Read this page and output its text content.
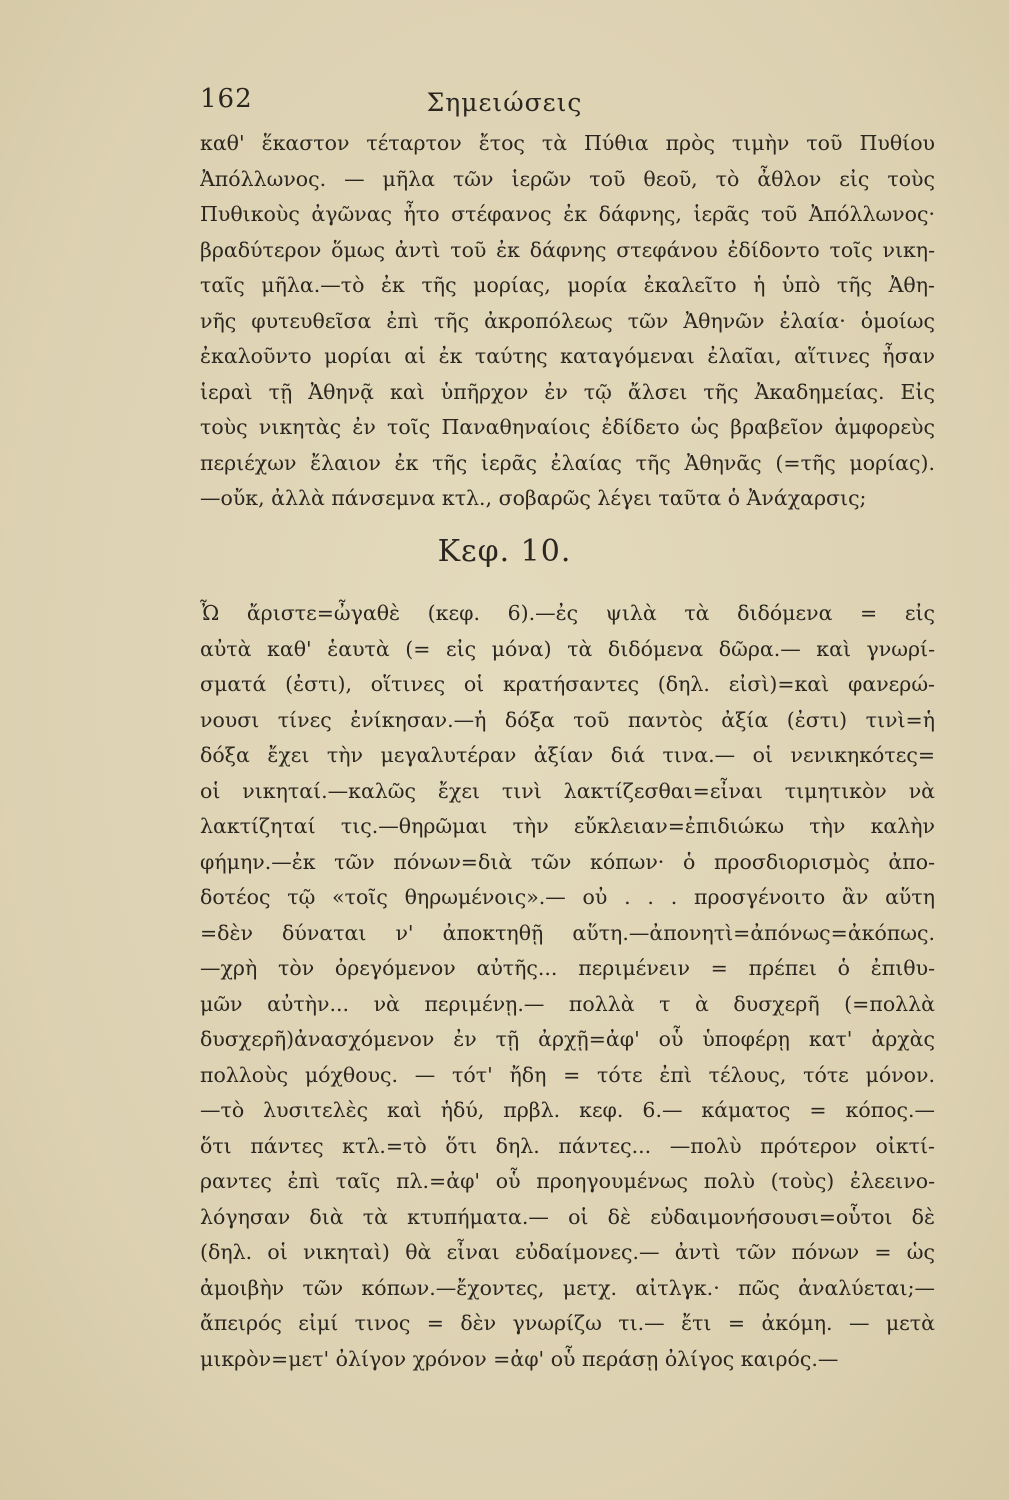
162	Σημειώσεις
καθ' ἕκαστον τέταρτον ἔτος τὰ Πύθια πρὸς τιμὴν τοῦ Πυθίου
Ἀπόλλωνος. — μῆλα τῶν ἱερῶν τοῦ θεοῦ, τὸ ἆθλον εἰς τοὺς
Πυθικοὺς ἀγῶνας ἦτο στέφανος ἐκ δάφνης, ἱερᾶς τοῦ Ἀπόλλωνος·
βραδύτερον ὅμως ἀντὶ τοῦ ἐκ δάφνης στεφάνου ἐδίδοντο τοῖς νικη-
ταῖς μῆλα.—τὸ ἐκ τῆς μορίας, μορία ἐκαλεῖτο ἡ ὑπὸ τῆς Ἀθη-
νῆς φυτευθεῖσα ἐπὶ τῆς ἀκροπόλεως τῶν Ἀθηνῶν ἐλαία· ὁμοίως
ἐκαλοῦντο μορίαι αἱ ἐκ ταύτης καταγόμεναι ἐλαῖαι, αἵτινες ἦσαν
ἱεραὶ τῇ Ἀθηνᾷ καὶ ὑπῆρχον ἐν τῷ ἄλσει τῆς Ἀκαδημείας. Εἰς
τοὺς νικητὰς ἐν τοῖς Παναθηναίοις ἐδίδετο ὡς βραβεῖον ἀμφορεὺς
περιέχων ἔλαιον ἐκ τῆς ἱερᾶς ἐλαίας τῆς Ἀθηνᾶς (=τῆς μορίας).
—οὔκ, ἀλλὰ πάνσεμνα κτλ., σοβαρῶς λέγει ταῦτα ὁ Ἀνάχαρσις;
Κεφ. 10.
Ὦ ἄριστε=ὦγαθὲ (κεφ. 6).—ἐς ψιλὰ τὰ διδόμενα = εἰς
αὐτὰ καθ' ἑαυτὰ (= εἰς μόνα) τὰ διδόμενα δῶρα.— καὶ γνωρί-
σματά (ἐστι), οἵτινες οἱ κρατήσαντες (δηλ. εἰσὶ)=καὶ φανερώ-
νουσι τίνες ἐνίκησαν.—ἡ δόξα τοῦ παντὸς ἀξία (ἐστι) τινὶ=ἡ
δόξα ἔχει τὴν μεγαλυτέραν ἀξίαν διά τινα.— οἱ νενικηκότες=
οἱ νικηταί.—καλῶς ἔχει τινὶ λακτίζεσθαι=εἶναι τιμητικὸν νὰ
λακτίζηταί τις.—θηρῶμαι τὴν εὔκλειαν=ἐπιδιώκω τὴν καλὴν
φήμην.—ἐκ τῶν πόνων=διὰ τῶν κόπων· ὁ προσδιορισμὸς ἀπο-
δοτέος τῷ «τοῖς θηρωμένοις».— οὐ . . . προσγένοιτο ἂν αὕτη
=δὲν δύναται ν' ἀποκτηθῇ αὕτη.—ἀπονητὶ=ἀπόνως=ἀκόπως.
—χρὴ τὸν ὀρεγόμενον αὐτῆς... περιμένειν = πρέπει ὁ ἐπιθυ-
μῶν αὐτὴν... νὰ περιμένῃ.— πολλὰ τ ὰ δυσχερῆ (=πολλὰ
δυσχερῆ)ἀνασχόμενον ἐν τῇ ἀρχῇ=ἀφ' οὗ ὑποφέρῃ κατ' ἀρχὰς
πολλοὺς μόχθους. — τότ' ἤδη = τότε ἐπὶ τέλους, τότε μόνον.
—τὸ λυσιτελὲς καὶ ἡδύ, πρβλ. κεφ. 6.— κάματος = κόπος.—
ὅτι πάντες κτλ.=τὸ ὅτι δηλ. πάντες... —πολὺ πρότερον οἰκτί-
ραντες ἐπὶ ταῖς πλ.=ἀφ' οὗ προηγουμένως πολὺ (τοὺς) ἐλεεινο-
λόγησαν διὰ τὰ κτυπήματα.— οἱ δὲ εὐδαιμονήσουσι=οὗτοι δὲ
(δηλ. οἱ νικηταὶ) θὰ εἶναι εὐδαίμονες.— ἀντὶ τῶν πόνων = ὡς
ἀμοιβὴν τῶν κόπων.—ἔχοντες, μετχ. αἰτλγκ.· πῶς ἀναλύεται;—
ἄπειρός εἰμί τινος = δὲν γνωρίζω τι.— ἔτι = ἀκόμη. — μετὰ
μικρὸν=μετ' ὀλίγον χρόνον =ἀφ' οὗ περάσῃ ὀλίγος καιρός.—
